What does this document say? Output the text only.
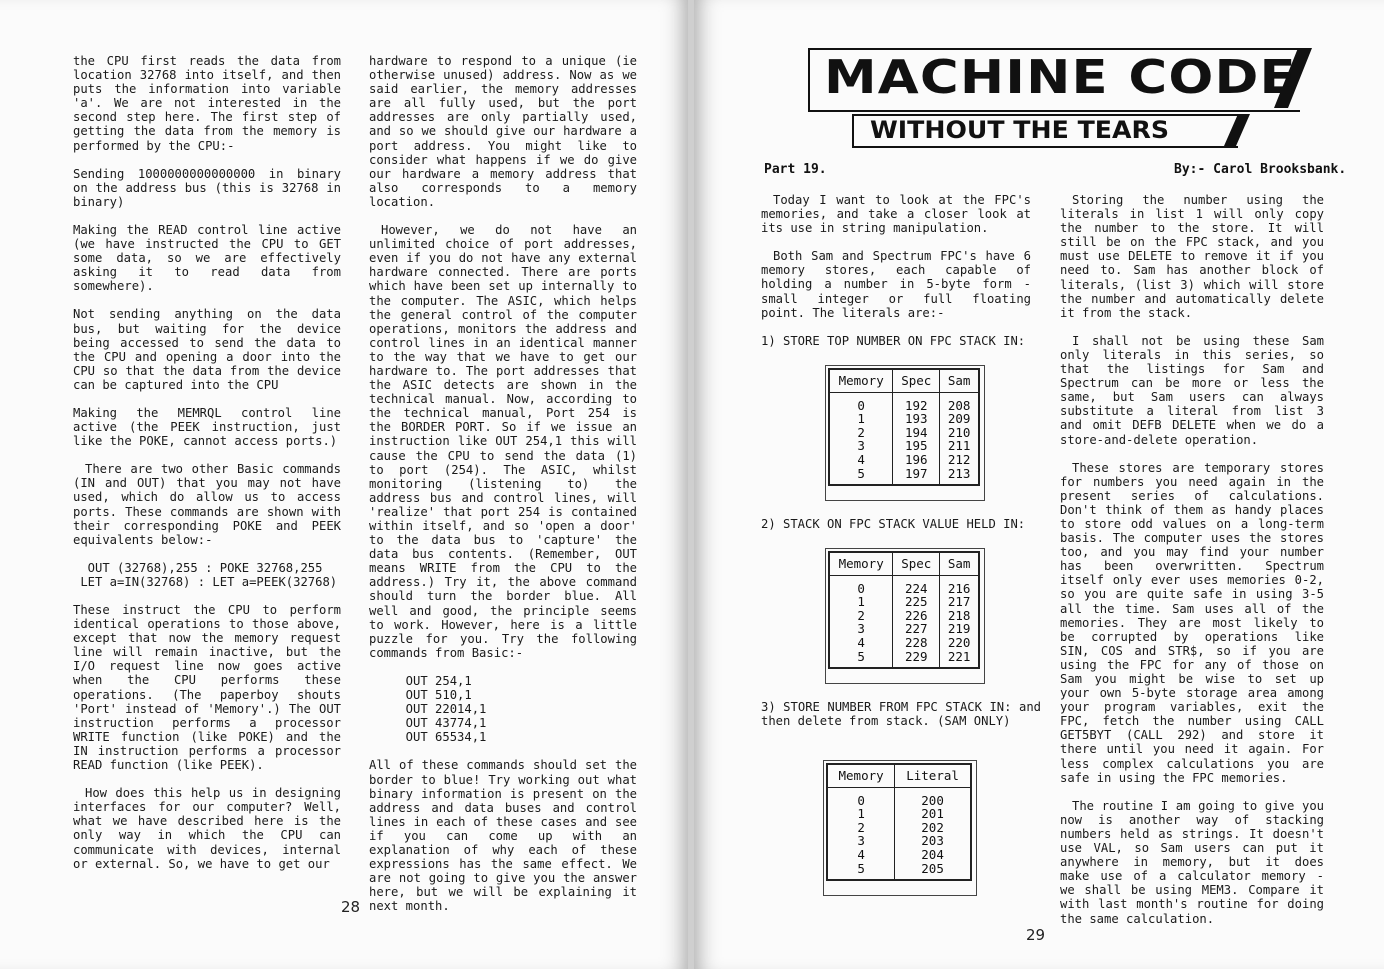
the CPU first reads the data from location 32768 into itself, and then puts the information into variable 'a'. We are not interested in the second step here. The first step of getting the data from the memory is performed by the CPU:-

Sending 1000000000000000 in binary on the address bus (this is 32768 in binary)

Making the READ control line active (we have instructed the CPU to GET some data, so we are effectively asking it to read data from somewhere).

Not sending anything on the data bus, but waiting for the device being accessed to send the data to the CPU and opening a door into the CPU so that the data from the device can be captured into the CPU

Making the MEMRQL control line active (the PEEK instruction, just like the POKE, cannot access ports.)

There are two other Basic commands (IN and OUT) that you may not have used, which do allow us to access ports. These commands are shown with their corresponding POKE and PEEK equivalents below:-

OUT (32768),255 : POKE 32768,255
LET a=IN(32768) : LET a=PEEK(32768)

These instruct the CPU to perform identical operations to those above, except that now the memory request line will remain inactive, but the I/O request line now goes active when the CPU performs these operations. (The paperboy shouts 'Port' instead of 'Memory'.) The OUT instruction performs a processor WRITE function (like POKE) and the IN instruction performs a processor READ function (like PEEK).

How does this help us in designing interfaces for our computer? Well, what we have described here is the only way in which the CPU can communicate with devices, internal or external. So, we have to get our

hardware to respond to a unique (ie otherwise unused) address. Now as we said earlier, the memory addresses are all fully used, but the port addresses are only partially used, and so we should give our hardware a port address. You might like to consider what happens if we do give our hardware a memory address that also corresponds to a memory location.

However, we do not have an unlimited choice of port addresses, even if you do not have any external hardware connected. There are ports which have been set up internally to the computer. The ASIC, which helps the general control of the computer operations, monitors the address and control lines in an identical manner to the way that we have to get our hardware to. The port addresses that the ASIC detects are shown in the technical manual. Now, according to the technical manual, Port 254 is the BORDER PORT. So if we issue an instruction like OUT 254,1 this will cause the CPU to send the data (1) to port (254). The ASIC, whilst monitoring (listening to) the address bus and control lines, will 'realize' that port 254 is contained within itself, and so 'open a door' to the data bus to 'capture' the data bus contents. (Remember, OUT means WRITE from the CPU to the address.) Try it, the above command should turn the border blue. All well and good, the principle seems to work. However, here is a little puzzle for you. Try the following commands from Basic:-

OUT 254,1
OUT 510,1
OUT 22014,1
OUT 43774,1
OUT 65534,1

All of these commands should set the border to blue! Try working out what binary information is present on the address and data buses and control lines in each of these cases and see if you can come up with an explanation of why each of these expressions has the same effect. We are not going to give you the answer here, but we will be explaining it next month.

28
MACHINE CODE
WITHOUT THE TEARS
Part 19.	By:- Carol Brooksbank.

Today I want to look at the FPC's memories, and take a closer look at its use in string manipulation.

Both Sam and Spectrum FPC's have 6 memory stores, each capable of holding a number in 5-byte form - small integer or full floating point. The literals are:-

1) STORE TOP NUMBER ON FPC STACK IN:
Memory	Spec	Sam
0	192	208
1	193	209
2	194	210
3	195	211
4	196	212
5	197	213
2) STACK ON FPC STACK VALUE HELD IN:
Memory	Spec	Sam
0	224	216
1	225	217
2	226	218
3	227	219
4	228	220
5	229	221
3) STORE NUMBER FROM FPC STACK IN: and then delete from stack. (SAM ONLY)
Memory	Literal
0	200
1	201
2	202
3	203
4	204
5	205

Storing the number using the literals in list 1 will only copy the number to the store. It will still be on the FPC stack, and you must use DELETE to remove it if you need to. Sam has another block of literals, (list 3) which will store the number and automatically delete it from the stack.

I shall not be using these Sam only literals in this series, so that the listings for Sam and Spectrum can be more or less the same, but Sam users can always substitute a literal from list 3 and omit DEFB DELETE when we do a store-and-delete operation.

These stores are temporary stores for numbers you need again in the present series of calculations. Don't think of them as handy places to store odd values on a long-term basis. The computer uses the stores too, and you may find your number has been overwritten. Spectrum itself only ever uses memories 0-2, so you are quite safe in using 3-5 all the time. Sam uses all of the memories. They are most likely to be corrupted by operations like SIN, COS and STR$, so if you are using the FPC for any of those on Sam you might be wise to set up your own 5-byte storage area among your program variables, exit the FPC, fetch the number using CALL GET5BYT (CALL 292) and store it there until you need it again. For less complex calculations you are safe in using the FPC memories.

The routine I am going to give you now is another way of stacking numbers held as strings. It doesn't use VAL, so Sam users can put it anywhere in memory, but it does make use of a calculator memory - we shall be using MEM3. Compare it with last month's routine for doing the same calculation.

29
